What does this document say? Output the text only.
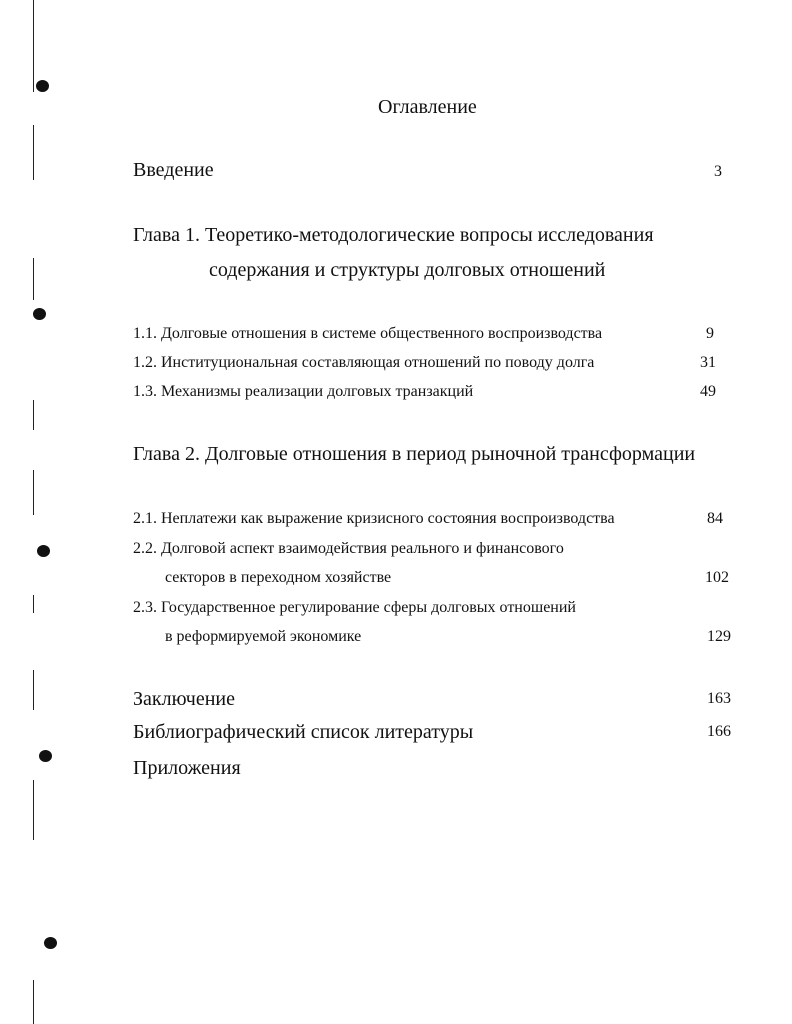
Оглавление
Введение	3
Глава 1. Теоретико-методологические вопросы исследования
содержания и структуры долговых отношений
1.1. Долговые отношения в системе общественного воспроизводства	9
1.2. Институциональная составляющая отношений по поводу долга	31
1.3. Механизмы реализации долговых транзакций	49
Глава 2. Долговые отношения в период рыночной трансформации
2.1. Неплатежи как выражение кризисного состояния воспроизводства	84
2.2. Долговой аспект взаимодействия реального и финансового
секторов в переходном хозяйстве	102
2.3. Государственное регулирование сферы долговых отношений
в реформируемой экономике	129
Заключение	163
Библиографический список литературы	166
Приложения
